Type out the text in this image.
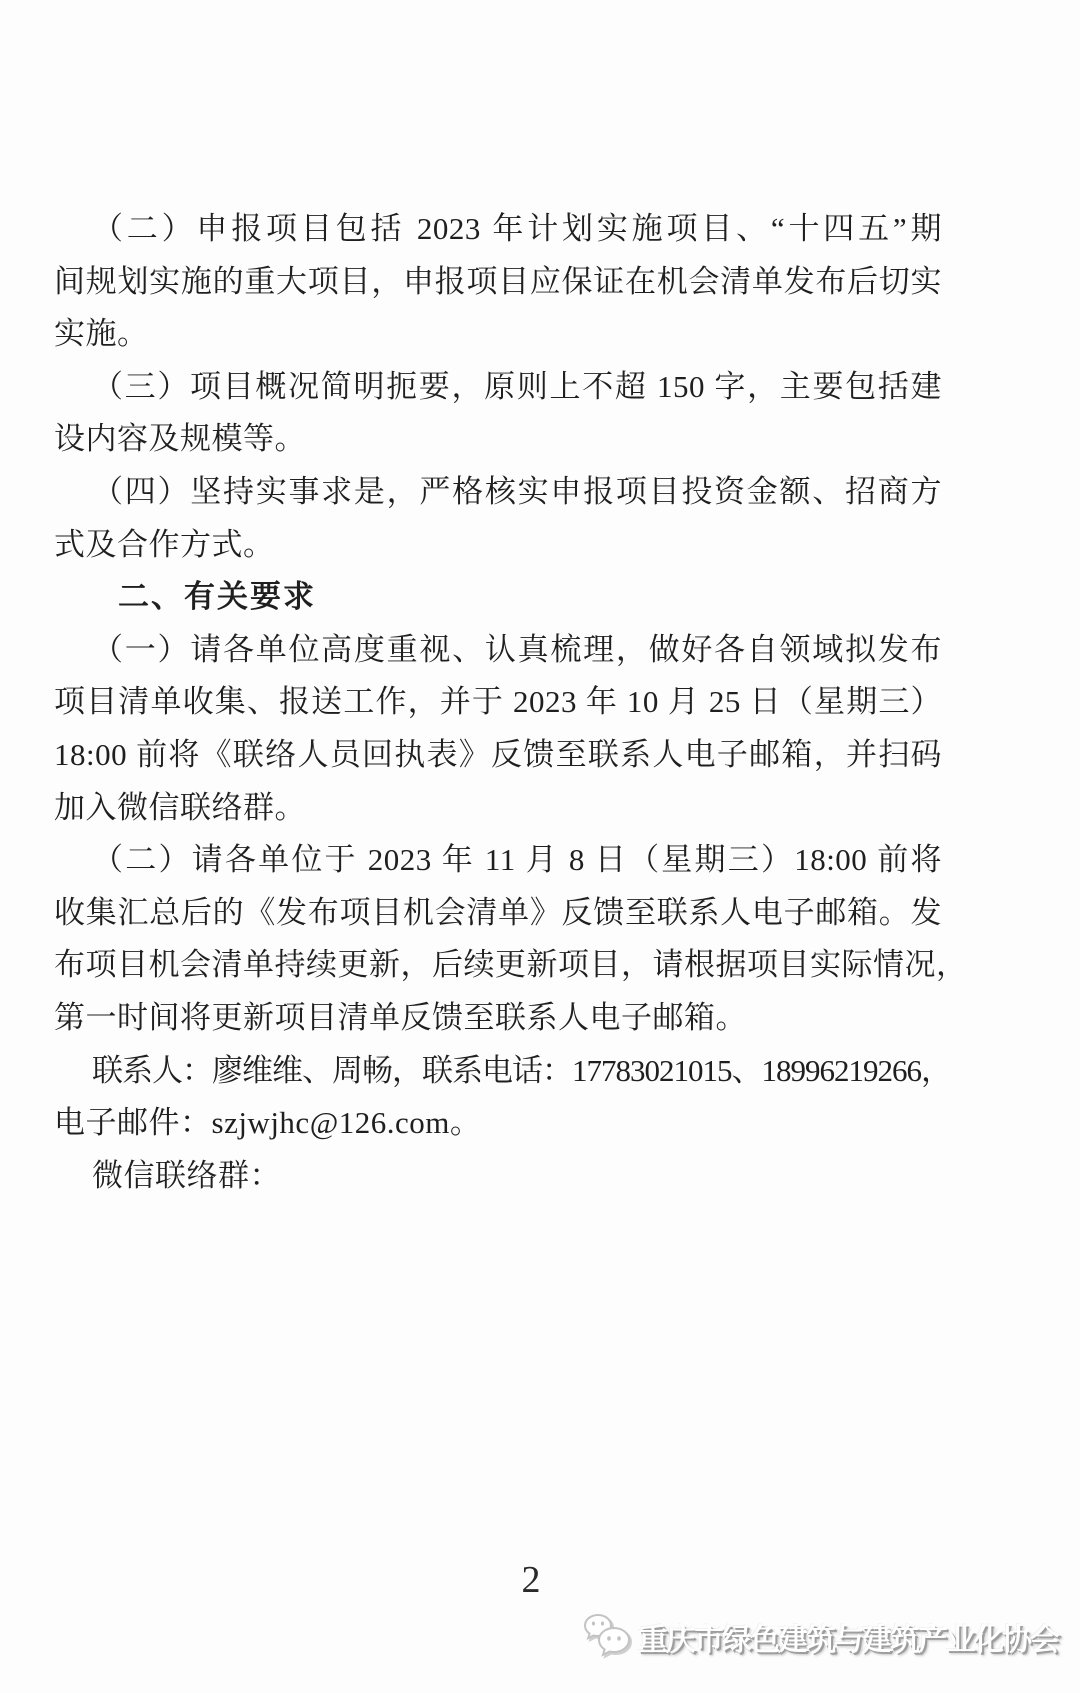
（二）申报项目包括 2023 年计划实施项目、“十四五”期
间规划实施的重大项目，申报项目应保证在机会清单发布后切实
实施。
（三）项目概况简明扼要，原则上不超 150 字，主要包括建
设内容及规模等。
（四）坚持实事求是，严格核实申报项目投资金额、招商方
式及合作方式。
二、有关要求
（一）请各单位高度重视、认真梳理，做好各自领域拟发布
项目清单收集、报送工作，并于 2023 年 10 月 25 日（星期三）
18:00 前将《联络人员回执表》反馈至联系人电子邮箱，并扫码
加入微信联络群。
（二）请各单位于 2023 年 11 月 8 日（星期三）18:00 前将
收集汇总后的《发布项目机会清单》反馈至联系人电子邮箱。发
布项目机会清单持续更新，后续更新项目，请根据项目实际情况，
第一时间将更新项目清单反馈至联系人电子邮箱。
联系人：廖维维、周畅，联系电话：17783021015、18996219266，
电子邮件：szjwjhc@126.com。
微信联络群：
2
重庆市绿色建筑与建筑产业化协会
